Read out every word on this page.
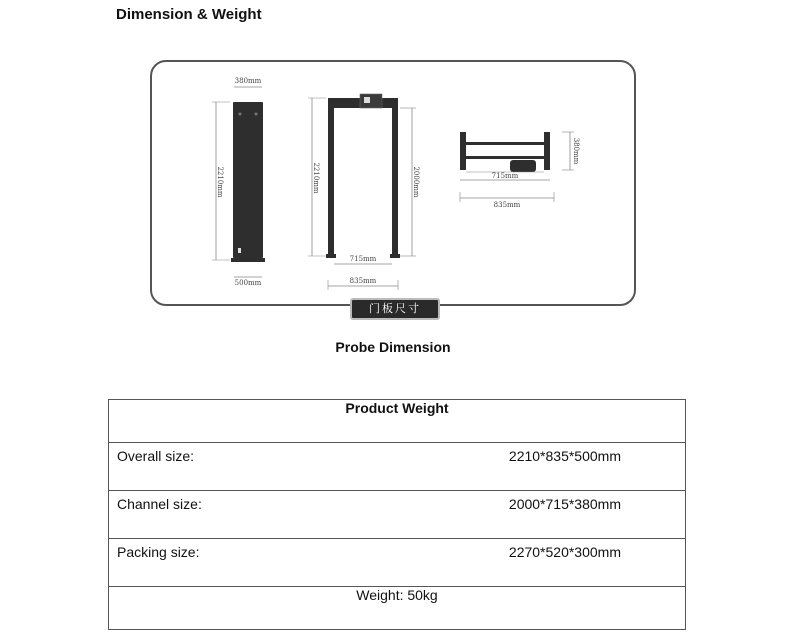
Dimension & Weight
380mm
2210mm
500mm
2210mm	2000mm
715mm
835mm
715mm
835mm
380mm
门板尺寸
Probe Dimension
Product Weight

Overall size:	2210*835*500mm

Channel size:	2000*715*380mm

Packing size:	2270*520*300mm

Weight: 50kg
